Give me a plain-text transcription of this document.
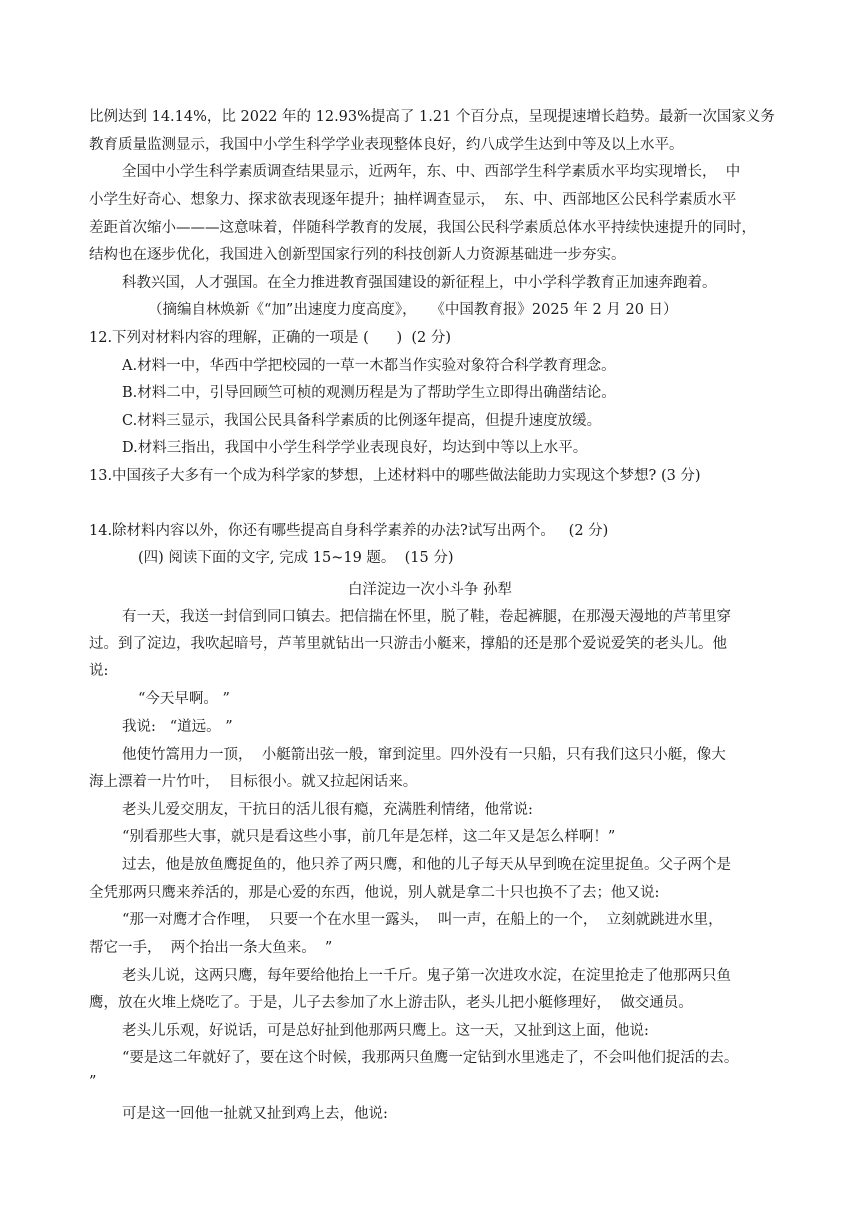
比例达到 14.14%，比 2022 年的 12.93%提高了 1.21 个百分点，呈现提速增长趋势。最新一次国家义务
教育质量监测显示，我国中小学生科学学业表现整体良好，约八成学生达到中等及以上水平。
全国中小学生科学素质调查结果显示，近两年，东、中、西部学生科学素质水平均实现增长，  中
小学生好奇心、想象力、探求欲表现逐年提升；抽样调查显示，  东、中、西部地区公民科学素质水平
差距首次缩小———这意味着，伴随科学教育的发展，我国公民科学素质总体水平持续快速提升的同时，
结构也在逐步优化，我国进入创新型国家行列的科技创新人力资源基础进一步夯实。
科教兴国，人才强国。在全力推进教育强国建设的新征程上，中小学科学教育正加速奔跑着。
（摘编自林焕新《“加”出速度力度高度》，   《中国教育报》2025 年 2 月 20 日）
12.下列对材料内容的理解，正确的一项是 (      )  (2 分)
A.材料一中，华西中学把校园的一草一木都当作实验对象符合科学教育理念。
B.材料二中，引导回顾竺可桢的观测历程是为了帮助学生立即得出确凿结论。
C.材料三显示，我国公民具备科学素质的比例逐年提高，但提升速度放缓。
D.材料三指出，我国中小学生科学学业表现良好，均达到中等以上水平。
13.中国孩子大多有一个成为科学家的梦想，上述材料中的哪些做法能助力实现这个梦想? (3 分)
14.除材料内容以外，你还有哪些提高自身科学素养的办法?试写出两个。   (2 分)
(四) 阅读下面的文字, 完成 15~19 题。  (15 分)
白洋淀边一次小斗争 孙犁
有一天，我送一封信到同口镇去。把信揣在怀里，脱了鞋，卷起裤腿，在那漫天漫地的芦苇里穿
过。到了淀边，我吹起暗号，芦苇里就钻出一只游击小艇来，撑船的还是那个爱说爱笑的老头儿。他
说:
“今天早啊。 ”
我说:   “道远。 ”
他使竹篙用力一顶，  小艇箭出弦一般，窜到淀里。四外没有一只船，只有我们这只小艇，像大
海上漂着一片竹叶，  目标很小。就又拉起闲话来。
老头儿爱交朋友，干抗日的活儿很有瘾，充满胜利情绪，他常说:
“别看那些大事，就只是看这些小事，前几年是怎样，这二年又是怎么样啊！”
过去，他是放鱼鹰捉鱼的，他只养了两只鹰，和他的儿子每天从早到晚在淀里捉鱼。父子两个是
全凭那两只鹰来养活的，那是心爱的东西，他说，别人就是拿二十只也换不了去；他又说:
“那一对鹰才合作哩，  只要一个在水里一露头，  叫一声，在船上的一个，  立刻就跳进水里，
帮它一手，  两个抬出一条大鱼来。  ”
老头儿说，这两只鹰，每年要给他抬上一千斤。鬼子第一次进攻水淀，在淀里抢走了他那两只鱼
鹰，放在火堆上烧吃了。于是，儿子去参加了水上游击队，老头儿把小艇修理好，  做交通员。
老头儿乐观，好说话，可是总好扯到他那两只鹰上。这一天，又扯到这上面，他说:
“要是这二年就好了，要在这个时候，我那两只鱼鹰一定钻到水里逃走了，不会叫他们捉活的去。
”
可是这一回他一扯就又扯到鸡上去，他说:
